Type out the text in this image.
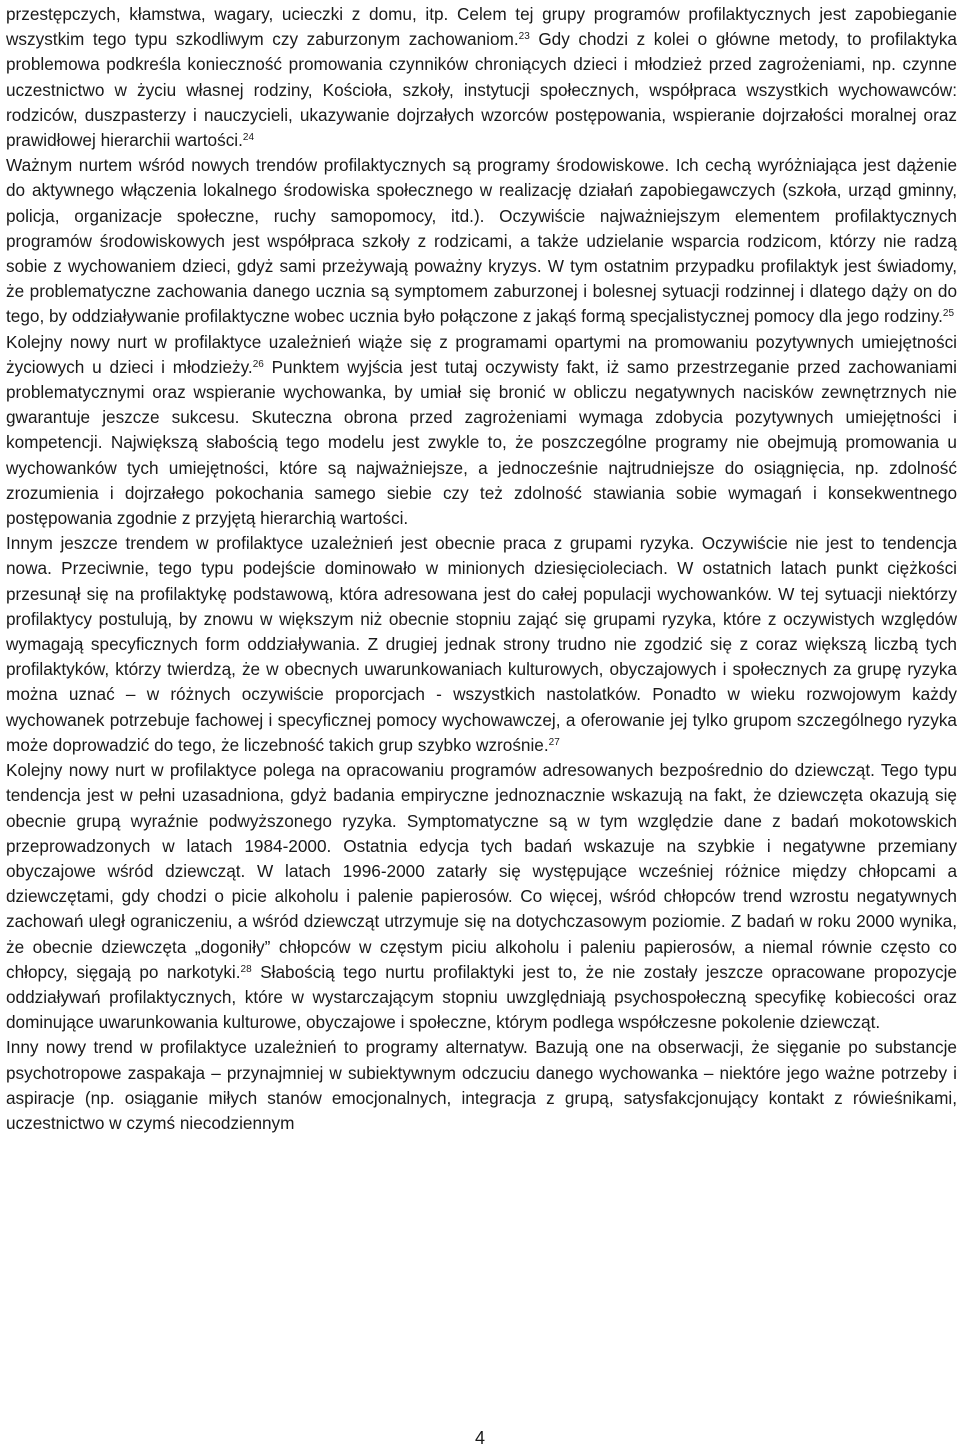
przestępczych, kłamstwa, wagary, ucieczki z domu, itp. Celem tej grupy programów profilaktycznych jest zapobieganie wszystkim tego typu szkodliwym czy zaburzonym zachowaniom.$^{23}$ Gdy chodzi z kolei o główne metody, to profilaktyka problemowa podkreśla konieczność promowania czynników chroniących dzieci i młodzież przed zagrożeniami, np. czynne uczestnictwo w życiu własnej rodziny, Kościoła, szkoły, instytucji społecznych, współpraca wszystkich wychowawców: rodziców, duszpasterzy i nauczycieli, ukazywanie dojrzałych wzorców postępowania, wspieranie dojrzałości moralnej oraz prawidłowej hierarchii wartości.$^{24}$

Ważnym nurtem wśród nowych trendów profilaktycznych są programy środowiskowe. Ich cechą wyróżniająca jest dążenie do aktywnego włączenia lokalnego środowiska społecznego w realizację działań zapobiegawczych (szkoła, urząd gminny, policja, organizacje społeczne, ruchy samopomocy, itd.). Oczywiście najważniejszym elementem profilaktycznych programów środowiskowych jest współpraca szkoły z rodzicami, a także udzielanie wsparcia rodzicom, którzy nie radzą sobie z wychowaniem dzieci, gdyż sami przeżywają poważny kryzys. W tym ostatnim przypadku profilaktyk jest świadomy, że problematyczne zachowania danego ucznia są symptomem zaburzonej i bolesnej sytuacji rodzinnej i dlatego dąży on do tego, by oddziaływanie profilaktyczne wobec ucznia było połączone z jakąś formą specjalistycznej pomocy dla jego rodziny.$^{25}$

Kolejny nowy nurt w profilaktyce uzależnień wiąże się z programami opartymi na promowaniu pozytywnych umiejętności życiowych u dzieci i młodzieży.$^{26}$ Punktem wyjścia jest tutaj oczywisty fakt, iż samo przestrzeganie przed zachowaniami problematycznymi oraz wspieranie wychowanka, by umiał się bronić w obliczu negatywnych nacisków zewnętrznych nie gwarantuje jeszcze sukcesu. Skuteczna obrona przed zagrożeniami wymaga zdobycia pozytywnych umiejętności i kompetencji. Największą słabością tego modelu jest zwykle to, że poszczególne programy nie obejmują promowania u wychowanków tych umiejętności, które są najważniejsze, a jednocześnie najtrudniejsze do osiągnięcia, np. zdolność zrozumienia i dojrzałego pokochania samego siebie czy też zdolność stawiania sobie wymagań i konsekwentnego postępowania zgodnie z przyjętą hierarchią wartości.

Innym jeszcze trendem w profilaktyce uzależnień jest obecnie praca z grupami ryzyka. Oczywiście nie jest to tendencja nowa. Przeciwnie, tego typu podejście dominowało w minionych dziesięcioleciach. W ostatnich latach punkt ciężkości przesunął się na profilaktykę podstawową, która adresowana jest do całej populacji wychowanków. W tej sytuacji niektórzy profilaktycy postulują, by znowu w większym niż obecnie stopniu zająć się grupami ryzyka, które z oczywistych względów wymagają specyficznych form oddziaływania. Z drugiej jednak strony trudno nie zgodzić się z coraz większą liczbą tych profilaktyków, którzy twierdzą, że w obecnych uwarunkowaniach kulturowych, obyczajowych i społecznych za grupę ryzyka można uznać – w różnych oczywiście proporcjach - wszystkich nastolatków. Ponadto w wieku rozwojowym każdy wychowanek potrzebuje fachowej i specyficznej pomocy wychowawczej, a oferowanie jej tylko grupom szczególnego ryzyka może doprowadzić do tego, że liczebność takich grup szybko wzrośnie.$^{27}$

Kolejny nowy nurt w profilaktyce polega na opracowaniu programów adresowanych bezpośrednio do dziewcząt. Tego typu tendencja jest w pełni uzasadniona, gdyż badania empiryczne jednoznacznie wskazują na fakt, że dziewczęta okazują się obecnie grupą wyraźnie podwyższonego ryzyka. Symptomatyczne są w tym względzie dane z badań mokotowskich przeprowadzonych w latach 1984-2000. Ostatnia edycja tych badań wskazuje na szybkie i negatywne przemiany obyczajowe wśród dziewcząt. W latach 1996-2000 zatarły się występujące wcześniej różnice między chłopcami a dziewczętami, gdy chodzi o picie alkoholu i palenie papierosów. Co więcej, wśród chłopców trend wzrostu negatywnych zachowań uległ ograniczeniu, a wśród dziewcząt utrzymuje się na dotychczasowym poziomie. Z badań w roku 2000 wynika, że obecnie dziewczęta „dogoniły” chłopców w częstym piciu alkoholu i paleniu papierosów, a niemal równie często co chłopcy, sięgają po narkotyki.$^{28}$ Słabością tego nurtu profilaktyki jest to, że nie zostały jeszcze opracowane propozycje oddziaływań profilaktycznych, które w wystarczającym stopniu uwzględniają psychospołeczną specyfikę kobiecości oraz dominujące uwarunkowania kulturowe, obyczajowe i społeczne, którym podlega współczesne pokolenie dziewcząt.

Inny nowy trend w profilaktyce uzależnień to programy alternatyw. Bazują one na obserwacji, że sięganie po substancje psychotropowe zaspakaja – przynajmniej w subiektywnym odczuciu danego wychowanka – niektóre jego ważne potrzeby i aspiracje (np. osiąganie miłych stanów emocjonalnych, integracja z grupą, satysfakcjonujący kontakt z rówieśnikami, uczestnictwo w czymś niecodziennym

4
